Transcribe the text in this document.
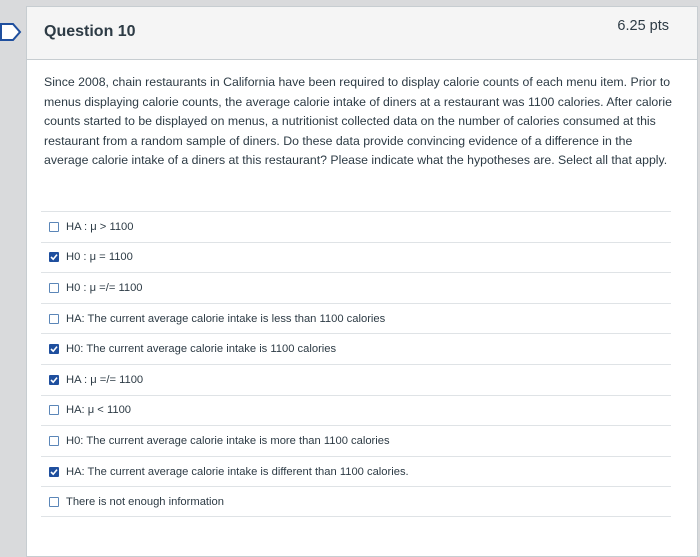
Question 10	6.25 pts
Since 2008, chain restaurants in California have been required to display calorie counts of each menu item. Prior to menus displaying calorie counts, the average calorie intake of diners at a restaurant was 1100 calories. After calorie counts started to be displayed on menus, a nutritionist collected data on the number of calories consumed at this restaurant from a random sample of diners. Do these data provide convincing evidence of a difference in the average calorie intake of a diners at this restaurant? Please indicate what the hypotheses are. Select all that apply.
HA : μ > 1100
H0 : μ = 1100
H0 : μ =/= 1100
HA: The current average calorie intake is less than 1100 calories
H0: The current average calorie intake is 1100 calories
HA : μ =/= 1100
HA: μ < 1100
H0: The current average calorie intake is more than 1100 calories
HA: The current average calorie intake is different than 1100 calories.
There is not enough information
